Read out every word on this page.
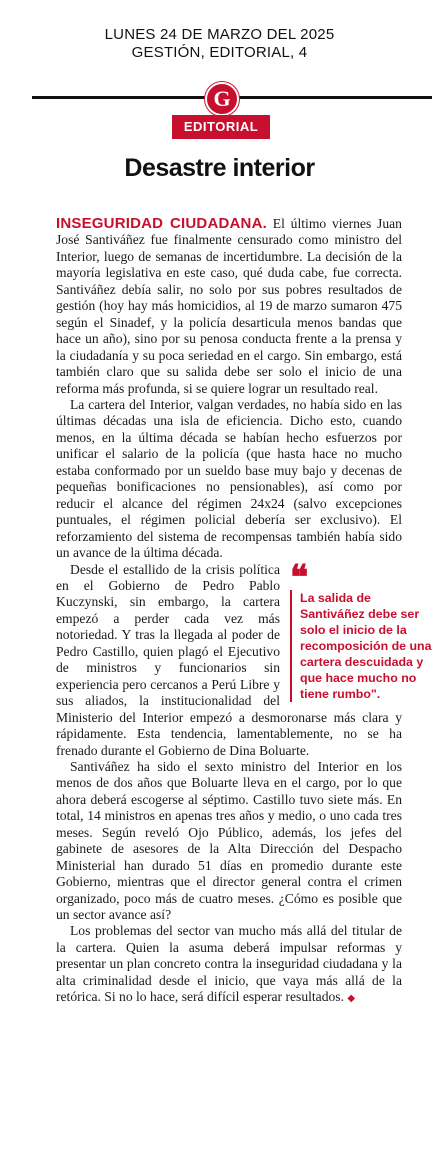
LUNES 24 DE MARZO DEL 2025
GESTIÓN, EDITORIAL, 4
G
EDITORIAL
Desastre interior

INSEGURIDAD CIUDADANA. El último viernes Juan José Santiváñez fue finalmente censurado como ministro del Interior, luego de semanas de incertidumbre. La decisión de la mayoría legislativa en este caso, qué duda cabe, fue correcta. Santiváñez debía salir, no solo por sus pobres resultados de gestión (hoy hay más homicidios, al 19 de marzo sumaron 475 según el Sinadef, y la policía desarticula menos bandas que hace un año), sino por su penosa conducta frente a la prensa y la ciudadanía y su poca seriedad en el cargo. Sin embargo, está también claro que su salida debe ser solo el inicio de una reforma más profunda, si se quiere lograr un resultado real.

La cartera del Interior, valgan verdades, no había sido en las últimas décadas una isla de eficiencia. Dicho esto, cuando menos, en la última década se habían hecho esfuerzos por unificar el salario de la policía (que hasta hace no mucho estaba conformado por un sueldo base muy bajo y decenas de pequeñas bonificaciones no pensionables), así como por reducir el alcance del régimen 24x24 (salvo excepciones puntuales, el régimen policial debería ser exclusivo). El reforzamiento del sistema de recompensas también había sido un avance de la última década.

❝
La salida de Santiváñez debe ser solo el inicio de la recomposición de una cartera descuidada y que hace mucho no tiene rumbo".

Desde el estallido de la crisis política en el Gobierno de Pedro Pablo Kuczynski, sin embargo, la cartera empezó a perder cada vez más notoriedad. Y tras la llegada al poder de Pedro Castillo, quien plagó el Ejecutivo de ministros y funcionarios sin experiencia pero cercanos a Perú Libre y sus aliados, la institucionalidad del Ministerio del Interior empezó a desmoronarse más clara y rápidamente. Esta tendencia, lamentablemente, no se ha frenado durante el Gobierno de Dina Boluarte.

Santiváñez ha sido el sexto ministro del Interior en los menos de dos años que Boluarte lleva en el cargo, por lo que ahora deberá escogerse al séptimo. Castillo tuvo siete más. En total, 14 ministros en apenas tres años y medio, o uno cada tres meses. Según reveló Ojo Público, además, los jefes del gabinete de asesores de la Alta Dirección del Despacho Ministerial han durado 51 días en promedio durante este Gobierno, mientras que el director general contra el crimen organizado, poco más de cuatro meses. ¿Cómo es posible que un sector avance así?

Los problemas del sector van mucho más allá del titular de la cartera. Quien la asuma deberá impulsar reformas y presentar un plan concreto contra la inseguridad ciudadana y la alta criminalidad desde el inicio, que vaya más allá de la retórica. Si no lo hace, será difícil esperar resultados. ◆
